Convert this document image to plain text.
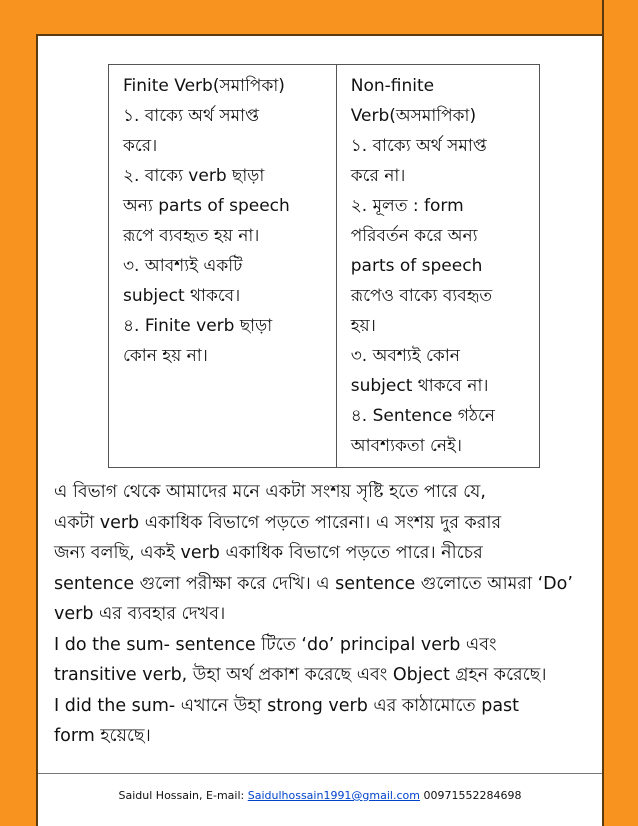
Finite Verb(সমাপিকা)
১. বাক্যে অর্থ সমাপ্ত
করে।
২. বাক্যে verb ছাড়া
অন্য parts of speech
রূপে ব্যবহৃত হয় না।
৩. আবশ্যই একটি
subject থাকবে।
৪. Finite verb ছাড়া
কোন হয় না।	
Non-finite
Verb(অসমাপিকা)
১. বাক্যে অর্থ সমাপ্ত
করে না।
২. মূলত : form
পরিবর্তন করে অন্য
parts of speech
রূপেও বাক্যে ব্যবহৃত
হয়।
৩. অবশ্যই কোন
subject থাকবে না।
৪. Sentence গঠনে
আবশ্যকতা নেই।
এ বিভাগ থেকে আমাদের মনে একটা সংশয় সৃষ্টি হতে পারে যে,
একটা verb একাধিক বিভাগে পড়তে পারেনা। এ সংশয় দুর করার
জন্য বলছি, একই verb একাধিক বিভাগে পড়তে পারে। নীচের
sentence গুলো পরীক্ষা করে দেখি। এ sentence গুলোতে আমরা ‘Do’
verb এর ব্যবহার দেখব।
I do the sum- sentence টিতে ‘do’ principal verb এবং
transitive verb, উহা অর্থ প্রকাশ করেছে এবং Object গ্রহন করেছে।
I did the sum- এখানে উহা strong verb এর কাঠামোতে past
form হয়েছে।
Saidul Hossain, E-mail: Saidulhossain1991@gmail.com 00971552284698
